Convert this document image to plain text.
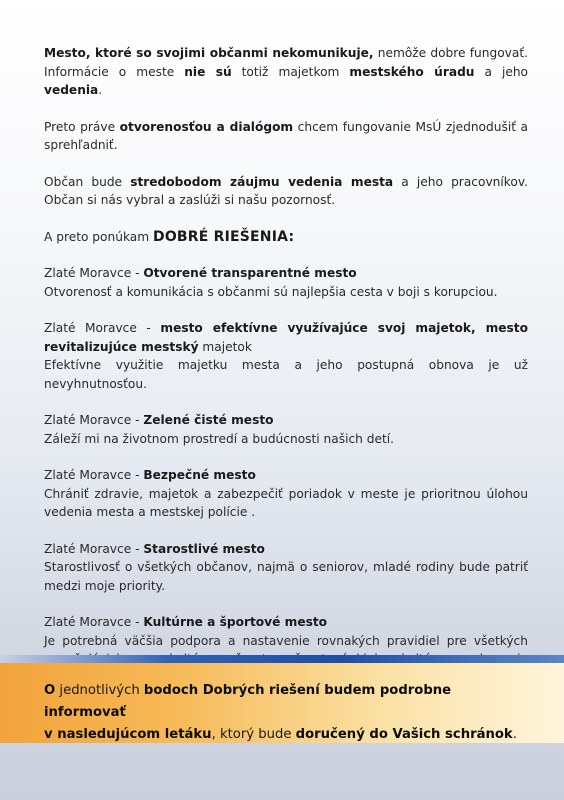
Mesto, ktoré so svojimi občanmi nekomunikuje, nemôže dobre fungovať. Informácie o meste nie sú totiž majetkom mestského úradu a jeho vedenia.

Preto práve otvorenosťou a dialógom chcem fungovanie MsÚ zjednodušiť a sprehľadniť.

Občan bude stredobodom záujmu vedenia mesta a jeho pracovníkov. Občan si nás vybral a zaslúži si našu pozornosť.

A preto ponúkam DOBRÉ RIEŠENIA:

Zlaté Moravce - Otvorené transparentné mesto
Otvorenosť a komunikácia s občanmi sú najlepšia cesta v boji s korupciou.
Zlaté Moravce - mesto efektívne využívajúce svoj majetok, mesto revitalizujúce mestský majetok
Efektívne využitie majetku mesta a jeho postupná obnova je už nevyhnutnosťou.
Zlaté Moravce - Zelené čisté mesto
Záleží mi na životnom prostredí a budúcnosti našich detí.
Zlaté Moravce - Bezpečné mesto
Chrániť zdravie, majetok a zabezpečiť poriadok v meste je prioritnou úlohou vedenia mesta a mestskej polície .
Zlaté Moravce - Starostlivé mesto
Starostlivosť o všetkých občanov, najmä o seniorov, mladé rodiny bude patriť medzi moje priority.
Zlaté Moravce - Kultúrne a športové mesto
Je potrebná väčšia podpora a nastavenie rovnakých pravidiel pre všetkých
O jednotlivých bodoch Dobrých riešení budem podrobne informovať
v nasledujúcom letáku, ktorý bude doručený do Vašich schránok.
